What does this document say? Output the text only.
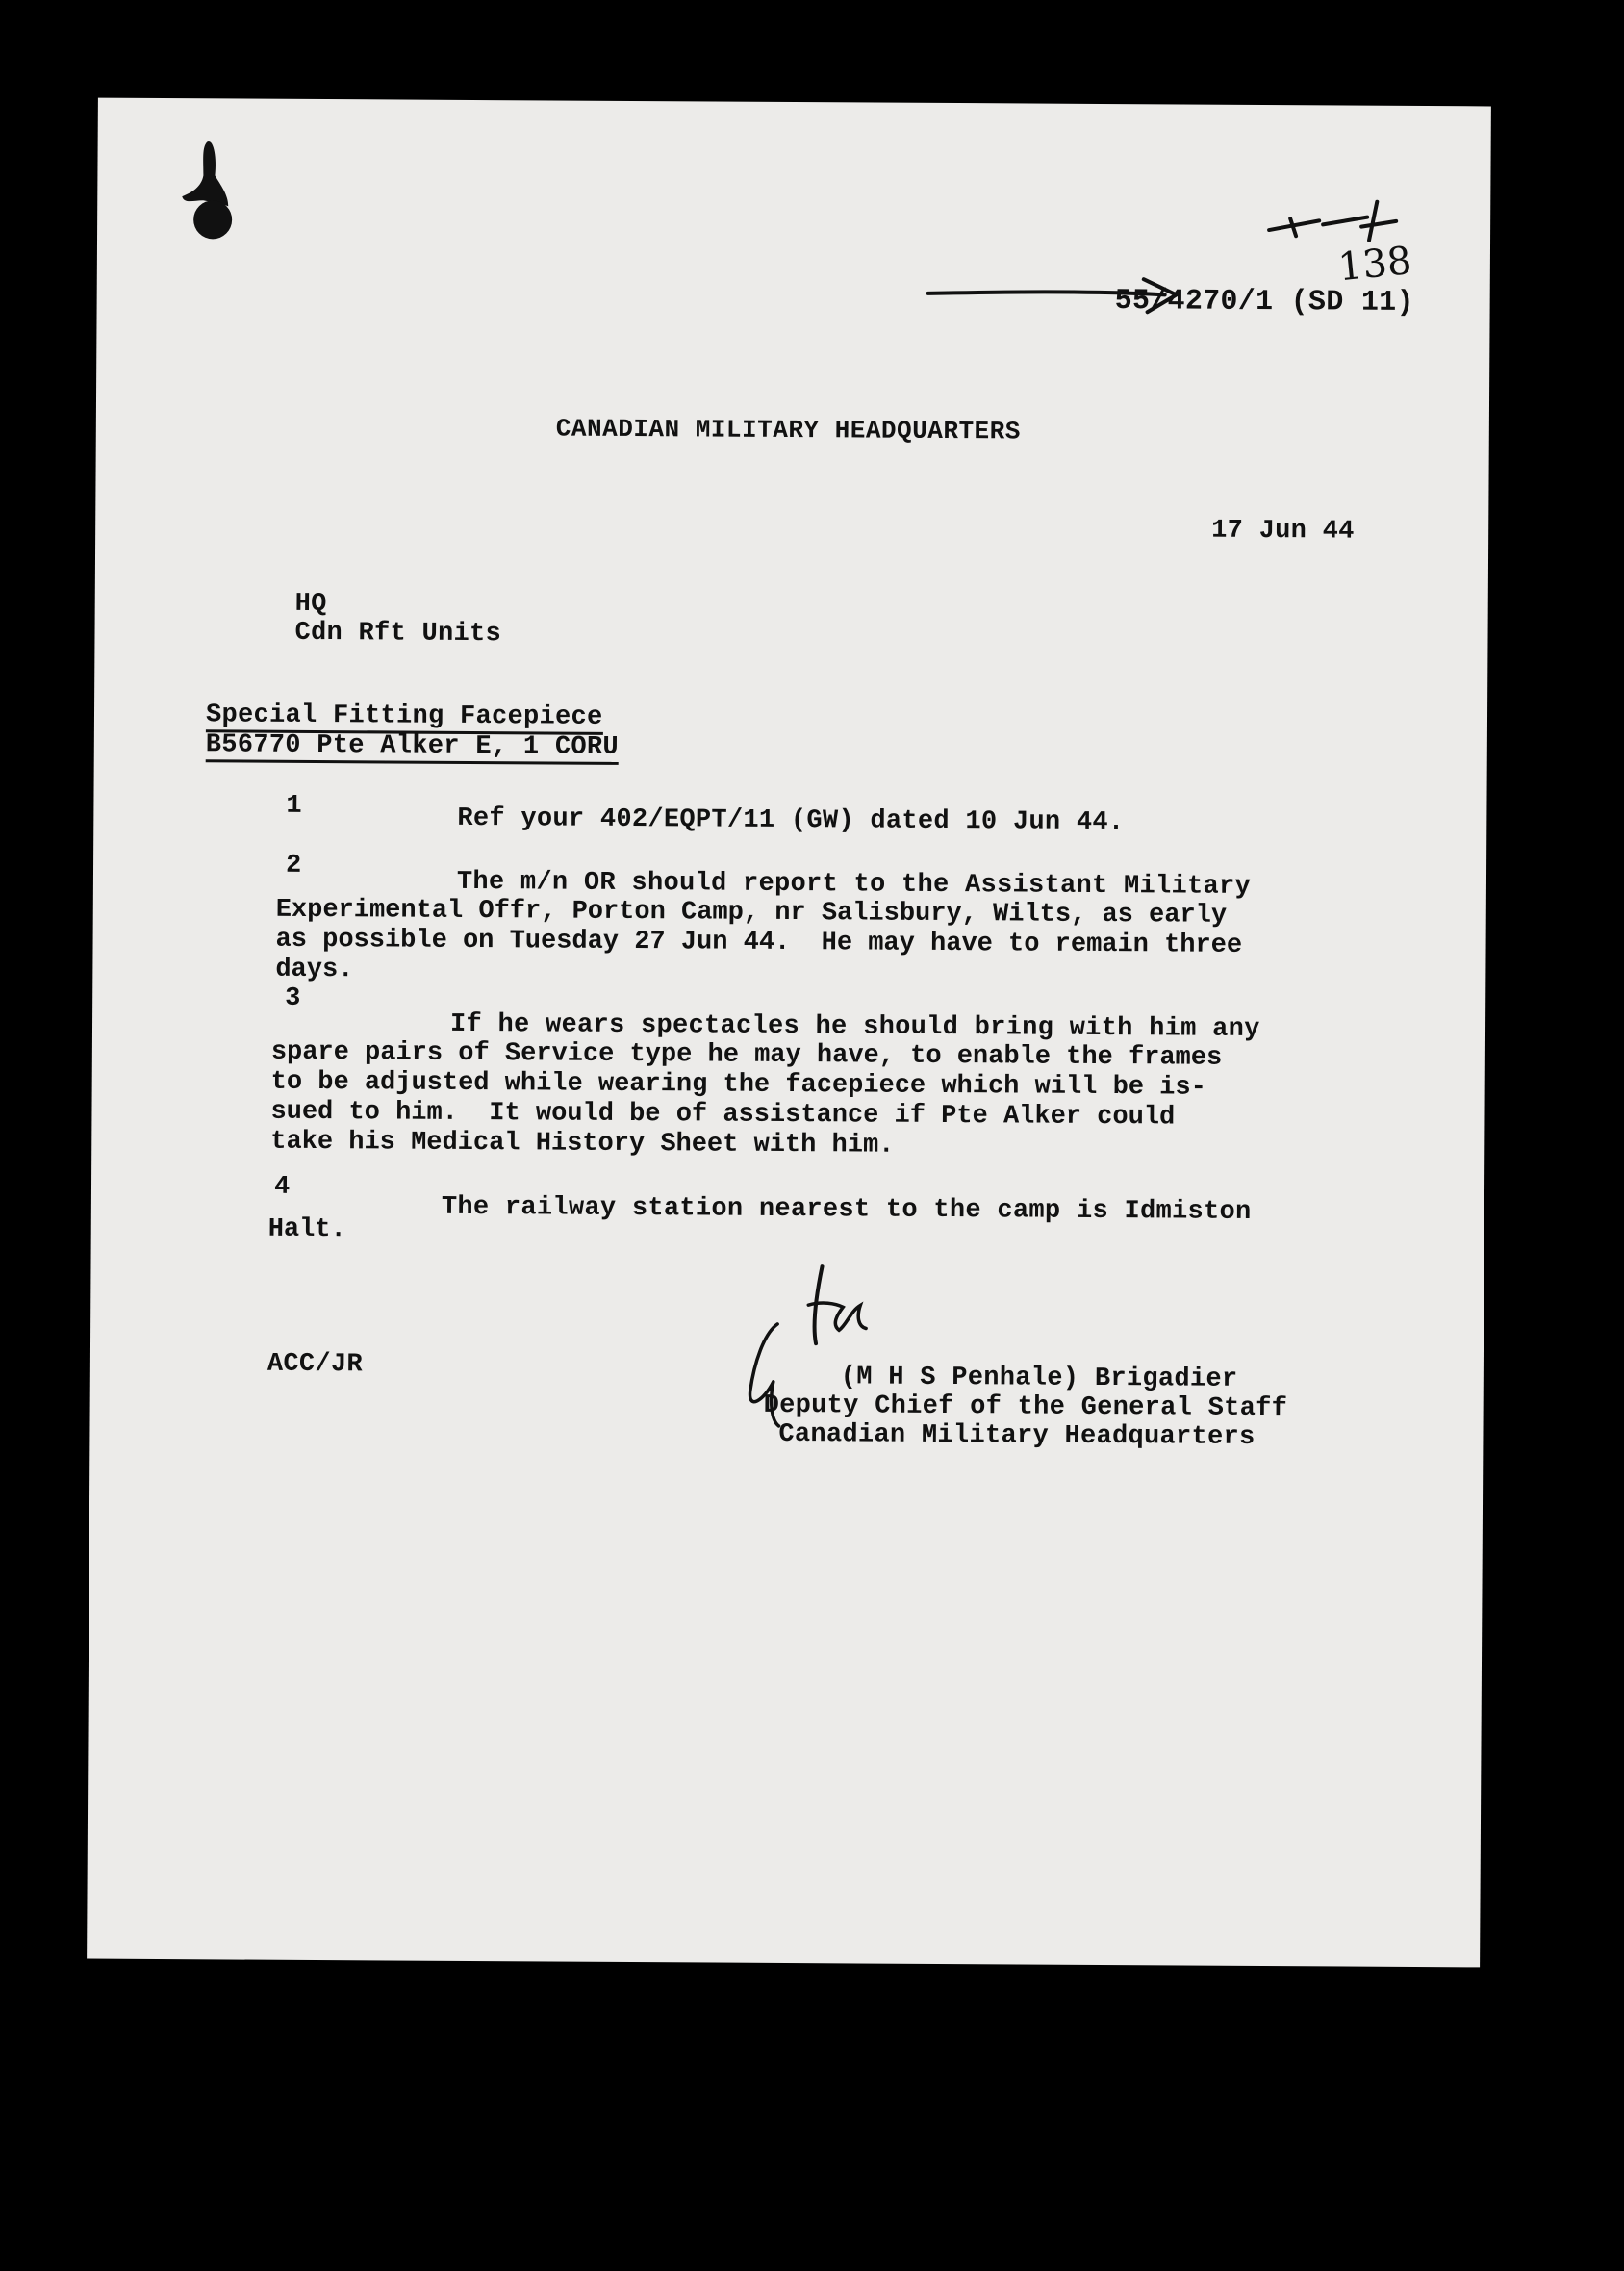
138
55/4270/1 (SD 11)
CANADIAN MILITARY HEADQUARTERS
17 Jun 44
HQ
Cdn Rft Units
Special Fitting Facepiece
B56770 Pte Alker E, 1 CORU
1	Ref your 402/EQPT/11 (GW) dated 10 Jun 44.
2
The m/n OR should report to the Assistant Military
Experimental Offr, Porton Camp, nr Salisbury, Wilts, as early
as possible on Tuesday 27 Jun 44.  He may have to remain three
days.
3
If he wears spectacles he should bring with him any
spare pairs of Service type he may have, to enable the frames
to be adjusted while wearing the facepiece which will be is-
sued to him.  It would be of assistance if Pte Alker could
take his Medical History Sheet with him.
4
The railway station nearest to the camp is Idmiston
Halt.
ACC/JR	(M H S Penhale) Brigadier
Deputy Chief of the General Staff
Canadian Military Headquarters
